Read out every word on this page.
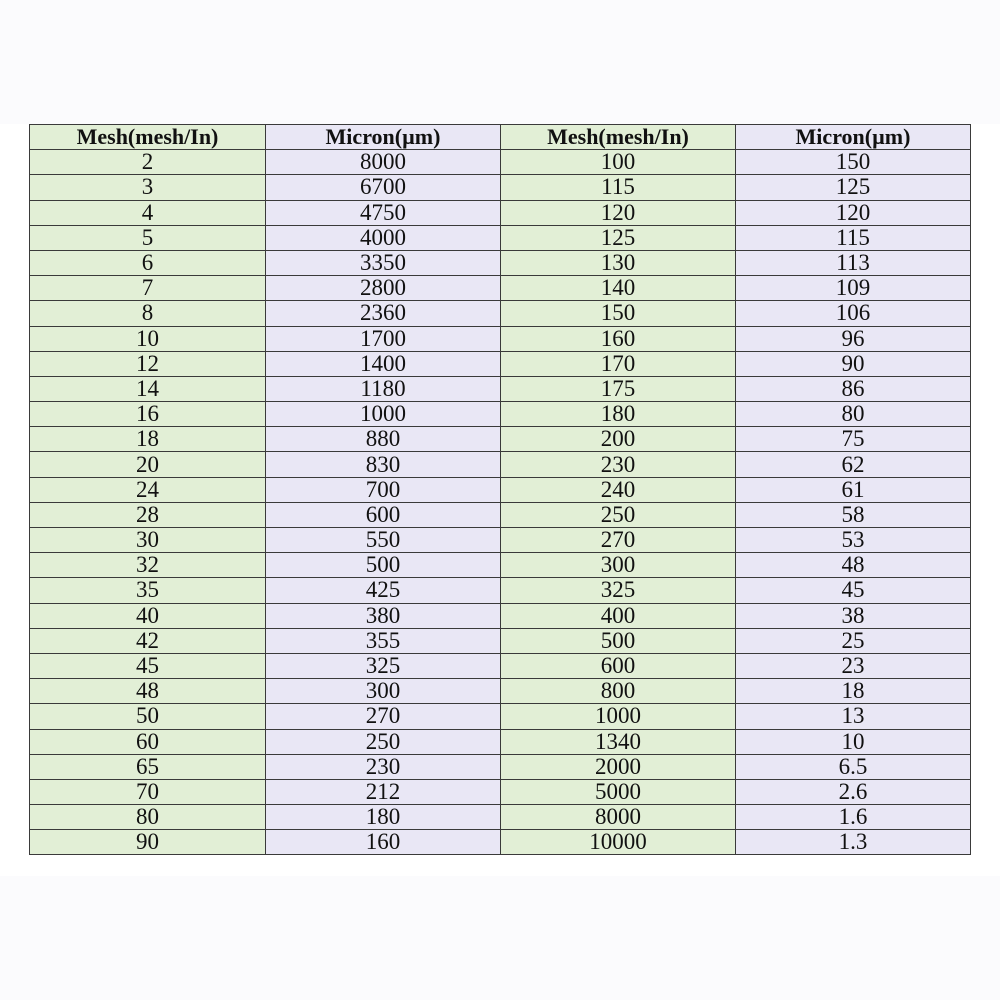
Mesh(mesh/In)	Micron(µm)	Mesh(mesh/In)	Micron(µm)
2	8000	100	150
3	6700	115	125
4	4750	120	120
5	4000	125	115
6	3350	130	113
7	2800	140	109
8	2360	150	106
10	1700	160	96
12	1400	170	90
14	1180	175	86
16	1000	180	80
18	880	200	75
20	830	230	62
24	700	240	61
28	600	250	58
30	550	270	53
32	500	300	48
35	425	325	45
40	380	400	38
42	355	500	25
45	325	600	23
48	300	800	18
50	270	1000	13
60	250	1340	10
65	230	2000	6.5
70	212	5000	2.6
80	180	8000	1.6
90	160	10000	1.3
